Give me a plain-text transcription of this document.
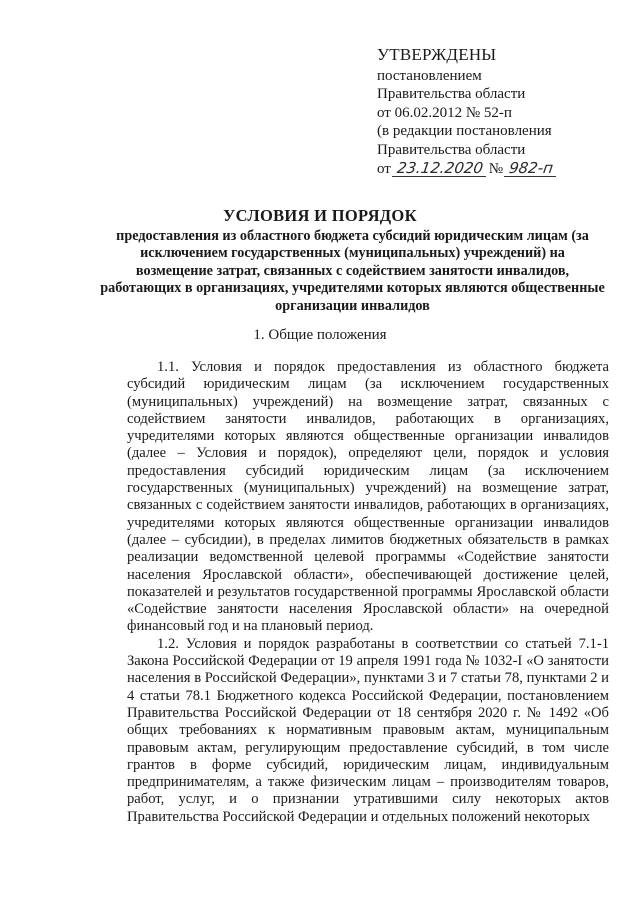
УТВЕРЖДЕНЫ
постановлением
Правительства области
от 06.02.2012 № 52-п
(в редакции постановления
Правительства области
от 23.12.2020 № 982-п
УСЛОВИЯ И ПОРЯДОК
предоставления из областного бюджета субсидий юридическим лицам (за исключением государственных (муниципальных) учреждений) на возмещение затрат, связанных с содействием занятости инвалидов, работающих в организациях, учредителями которых являются общественные организации инвалидов
1. Общие положения

1.1. Условия и порядок предоставления из областного бюджета субсидий юридическим лицам (за исключением государственных (муниципальных) учреждений) на возмещение затрат, связанных с содействием занятости инвалидов, работающих в организациях, учредителями которых являются общественные организации инвалидов (далее – Условия и порядок), определяют цели, порядок и условия предоставления субсидий юридическим лицам (за исключением государственных (муниципальных) учреждений) на возмещение затрат, связанных с содействием занятости инвалидов, работающих в организациях, учредителями которых являются общественные организации инвалидов (далее – субсидии), в пределах лимитов бюджетных обязательств в рамках реализации ведомственной целевой программы «Содействие занятости населения Ярославской области», обеспечивающей достижение целей, показателей и результатов государственной программы Ярославской области «Содействие занятости населения Ярославской области» на очередной финансовый год и на плановый период.

1.2. Условия и порядок разработаны в соответствии со статьей 7.1-1 Закона Российской Федерации от 19 апреля 1991 года № 1032-I «О занятости населения в Российской Федерации», пунктами 3 и 7 статьи 78, пунктами 2 и 4 статьи 78.1 Бюджетного кодекса Российской Федерации, постановлением Правительства Российской Федерации от 18 сентября 2020 г. № 1492 «Об общих требованиях к нормативным правовым актам, муниципальным правовым актам, регулирующим предоставление субсидий, в том числе грантов в форме субсидий, юридическим лицам, индивидуальным предпринимателям, а также физическим лицам – производителям товаров, работ, услуг, и о признании утратившими силу некоторых актов Правительства Российской Федерации и отдельных положений некоторых
